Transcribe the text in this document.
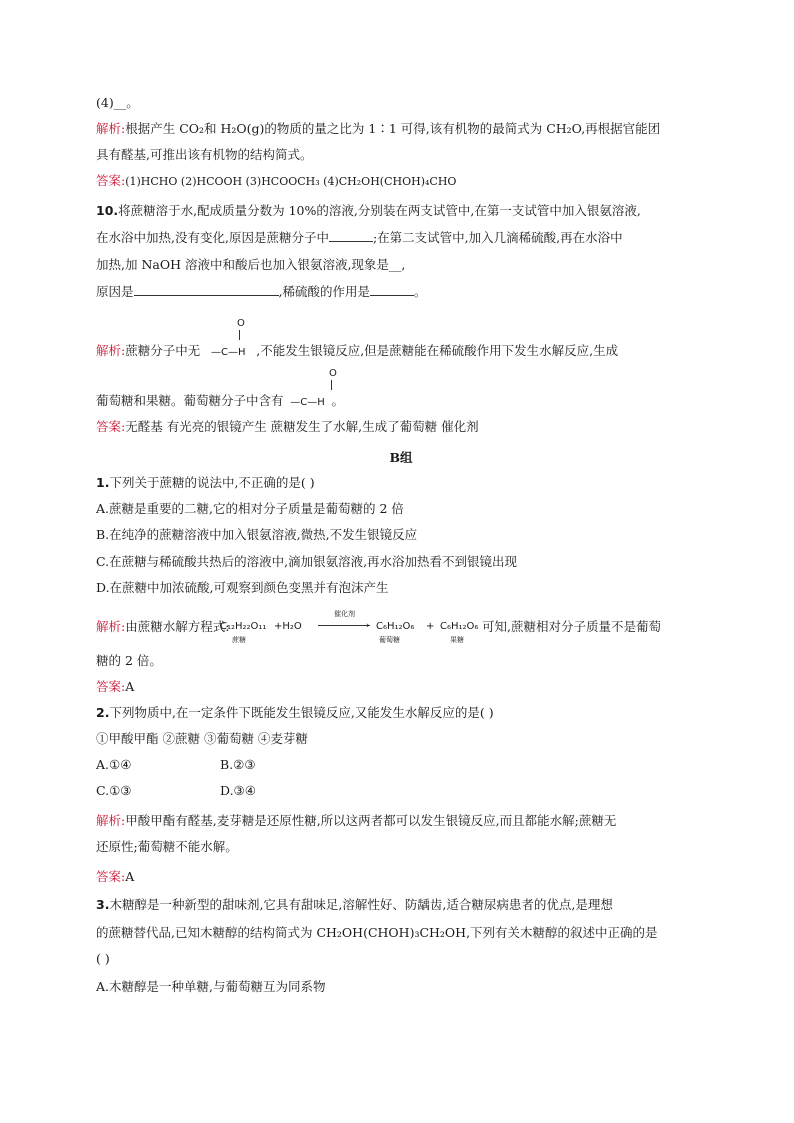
(4)__。
解析:根据产生 CO₂和 H₂O(g)的物质的量之比为 1∶1 可得,该有机物的最简式为 CH₂O,再根据官能团
具有醛基,可推出该有机物的结构简式。
答案:(1)HCHO (2)HCOOH (3)HCOOCH₃ (4)CH₂OH(CHOH)₄CHO
10.将蔗糖溶于水,配成质量分数为 10%的溶液,分别装在两支试管中,在第一支试管中加入银氨溶液,
在水浴中加热,没有变化,原因是蔗糖分子中	;在第二支试管中,加入几滴稀硫酸,再在水浴中
加热,加 NaOH 溶液中和酸后也加入银氨溶液,现象是__,
原因是	,稀硫酸的作用是	。
O
解析:蔗糖分子中无 —C—H ,不能发生银镜反应,但是蔗糖能在稀硫酸作用下发生水解反应,生成
O
葡萄糖和果糖。葡萄糖分子中含有 —C—H 。
答案:无醛基 有光亮的银镜产生 蔗糖发生了水解,生成了葡萄糖 催化剂
B组
1.下列关于蔗糖的说法中,不正确的是( )
A.蔗糖是重要的二糖,它的相对分子质量是葡萄糖的 2 倍
B.在纯净的蔗糖溶液中加入银氨溶液,微热,不发生银镜反应
C.在蔗糖与稀硫酸共热后的溶液中,滴加银氨溶液,再水浴加热看不到银镜出现
D.在蔗糖中加浓硫酸,可观察到颜色变黑并有泡沫产生
解析:由蔗糖水解方程式:
C₁₂H₂₂O₁₁
蔗糖
+H₂O
催化剂
› C₆H₁₂O₆
葡萄糖
+ C₆H₁₂O₆
果糖
可知,蔗糖相对分子质量不是葡萄
糖的 2 倍。
答案:A
2.下列物质中,在一定条件下既能发生银镜反应,又能发生水解反应的是( )
①甲酸甲酯 ②蔗糖 ③葡萄糖 ④麦芽糖
A.①④	B.②③
C.①③	D.③④
解析:甲酸甲酯有醛基,麦芽糖是还原性糖,所以这两者都可以发生银镜反应,而且都能水解;蔗糖无
还原性;葡萄糖不能水解。
答案:A
3.木糖醇是一种新型的甜味剂,它具有甜味足,溶解性好、防龋齿,适合糖尿病患者的优点,是理想
的蔗糖替代品,已知木糖醇的结构简式为 CH₂OH(CHOH)₃CH₂OH,下列有关木糖醇的叙述中正确的是
( )
A.木糖醇是一种单糖,与葡萄糖互为同系物
